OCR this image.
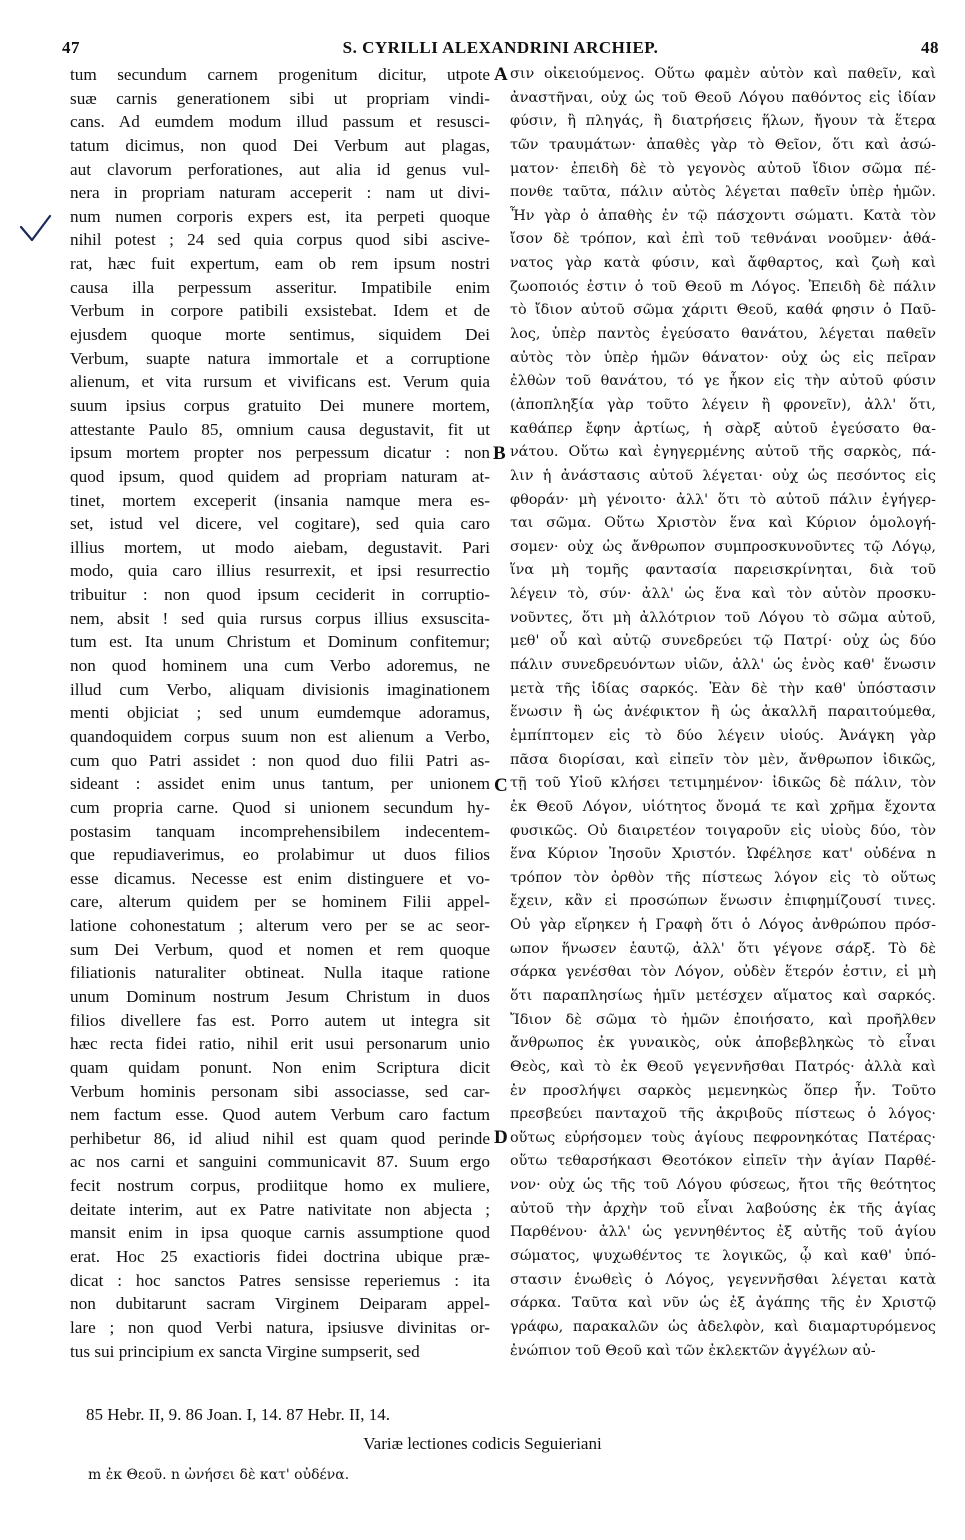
47	S. CYRILLI ALEXANDRINI ARCHIEP.	48
tum secundum carnem progenitum dicitur, utpote
suæ carnis generationem sibi ut propriam vindi-
cans. Ad eumdem modum illud passum et resusci-
tatum dicimus, non quod Dei Verbum aut plagas,
aut clavorum perforationes, aut alia id genus vul-
nera in propriam naturam acceperit : nam ut divi-
num numen corporis expers est, ita perpeti quoque
nihil potest ; 24 sed quia corpus quod sibi ascive-
rat, hæc fuit expertum, eam ob rem ipsum nostri
causa illa perpessum asseritur. Impatibile enim
Verbum in corpore patibili exsistebat. Idem et de
ejusdem quoque morte sentimus, siquidem Dei
Verbum, suapte natura immortale et a corruptione
alienum, et vita rursum et vivificans est. Verum quia
suum ipsius corpus gratuito Dei munere mortem,
attestante Paulo 85, omnium causa degustavit, fit ut
ipsum mortem propter nos perpessum dicatur : non
quod ipsum, quod quidem ad propriam naturam at-
tinet, mortem exceperit (insania namque mera es-
set, istud vel dicere, vel cogitare), sed quia caro
illius mortem, ut modo aiebam, degustavit. Pari
modo, quia caro illius resurrexit, et ipsi resurrectio
tribuitur : non quod ipsum ceciderit in corruptio-
nem, absit ! sed quia rursus corpus illius exsuscita-
tum est. Ita unum Christum et Dominum confitemur;
non quod hominem una cum Verbo adoremus, ne
illud cum Verbo, aliquam divisionis imaginationem
menti objiciat ; sed unum eumdemque adoramus,
quandoquidem corpus suum non est alienum a Verbo,
cum quo Patri assidet : non quod duo filii Patri as-
sideant : assidet enim unus tantum, per unionem
cum propria carne. Quod si unionem secundum hy-
postasim tanquam incomprehensibilem indecentem-
que repudiaverimus, eo prolabimur ut duos filios
esse dicamus. Necesse est enim distinguere et vo-
care, alterum quidem per se hominem Filii appel-
latione cohonestatum ; alterum vero per se ac seor-
sum Dei Verbum, quod et nomen et rem quoque
filiationis naturaliter obtineat. Nulla itaque ratione
unum Dominum nostrum Jesum Christum in duos
filios divellere fas est. Porro autem ut integra sit
hæc recta fidei ratio, nihil erit usui personarum unio
quam quidam ponunt. Non enim Scriptura dicit
Verbum hominis personam sibi associasse, sed car-
nem factum esse. Quod autem Verbum caro factum
perhibetur 86, id aliud nihil est quam quod perinde
ac nos carni et sanguini communicavit 87. Suum ergo
fecit nostrum corpus, prodiitque homo ex muliere,
deitate interim, aut ex Patre nativitate non abjecta ;
mansit enim in ipsa quoque carnis assumptione quod
erat. Hoc 25 exactioris fidei doctrina ubique præ-
dicat : hoc sanctos Patres sensisse reperiemus : ita
non dubitarunt sacram Virginem Deiparam appel-
lare ; non quod Verbi natura, ipsiusve divinitas or-
tus sui principium ex sancta Virgine sumpserit, sed
σιν οἰκειούμενος. Οὕτω φαμὲν αὐτὸν καὶ παθεῖν, καὶ
ἀναστῆναι, οὐχ ὡς τοῦ Θεοῦ Λόγου παθόντος εἰς ἰδίαν
φύσιν, ἢ πληγάς, ἢ διατρήσεις ἥλων, ἤγουν τὰ ἕτερα
τῶν τραυμάτων· ἀπαθὲς γὰρ τὸ Θεῖον, ὅτι καὶ ἀσώ-
ματον· ἐπειδὴ δὲ τὸ γεγονὸς αὐτοῦ ἴδιον σῶμα πέ-
πονθε ταῦτα, πάλιν αὐτὸς λέγεται παθεῖν ὑπὲρ ἡμῶν.
Ἦν γὰρ ὁ ἀπαθὴς ἐν τῷ πάσχοντι σώματι. Κατὰ τὸν
ἴσον δὲ τρόπον, καὶ ἐπὶ τοῦ τεθνάναι νοοῦμεν· ἀθά-
νατος γὰρ κατὰ φύσιν, καὶ ἄφθαρτος, καὶ ζωὴ καὶ
ζωοποιός ἐστιν ὁ τοῦ Θεοῦ m Λόγος. Ἐπειδὴ δὲ πάλιν
τὸ ἴδιον αὐτοῦ σῶμα χάριτι Θεοῦ, καθά φησιν ὁ Παῦ-
λος, ὑπὲρ παντὸς ἐγεύσατο θανάτου, λέγεται παθεῖν
αὐτὸς τὸν ὑπὲρ ἡμῶν θάνατον· οὐχ ὡς εἰς πεῖραν
ἐλθὼν τοῦ θανάτου, τό γε ἧκον εἰς τὴν αὐτοῦ φύσιν
(ἀποπληξία γὰρ τοῦτο λέγειν ἢ φρονεῖν), ἀλλ' ὅτι,
καθάπερ ἔφην ἀρτίως, ἡ σὰρξ αὐτοῦ ἐγεύσατο θα-
νάτου. Οὕτω καὶ ἐγηγερμένης αὐτοῦ τῆς σαρκὸς, πά-
λιν ἡ ἀνάστασις αὐτοῦ λέγεται· οὐχ ὡς πεσόντος εἰς
φθοράν· μὴ γένοιτο· ἀλλ' ὅτι τὸ αὐτοῦ πάλιν ἐγήγερ-
ται σῶμα. Οὕτω Χριστὸν ἕνα καὶ Κύριον ὁμολογή-
σομεν· οὐχ ὡς ἄνθρωπον συμπροσκυνοῦντες τῷ Λόγῳ,
ἵνα μὴ τομῆς φαντασία παρεισκρίνηται, διὰ τοῦ
λέγειν τὸ, σύν· ἀλλ' ὡς ἕνα καὶ τὸν αὐτὸν προσκυ-
νοῦντες, ὅτι μὴ ἀλλότριον τοῦ Λόγου τὸ σῶμα αὐτοῦ,
μεθ' οὗ καὶ αὐτῷ συνεδρεύει τῷ Πατρί· οὐχ ὡς δύο
πάλιν συνεδρευόντων υἱῶν, ἀλλ' ὡς ἑνὸς καθ' ἕνωσιν
μετὰ τῆς ἰδίας σαρκός. Ἐὰν δὲ τὴν καθ' ὑπόστασιν
ἕνωσιν ἢ ὡς ἀνέφικτον ἢ ὡς ἀκαλλῆ παραιτούμεθα,
ἐμπίπτομεν εἰς τὸ δύο λέγειν υἱούς. Ἀνάγκη γὰρ
πᾶσα διορίσαι, καὶ εἰπεῖν τὸν μὲν, ἄνθρωπον ἰδικῶς,
τῇ τοῦ Υἱοῦ κλήσει τετιμημένον· ἰδικῶς δὲ πάλιν, τὸν
ἐκ Θεοῦ Λόγον, υἱότητος ὄνομά τε καὶ χρῆμα ἔχοντα
φυσικῶς. Οὐ διαιρετέον τοιγαροῦν εἰς υἱοὺς δύο, τὸν
ἕνα Κύριον Ἰησοῦν Χριστόν. Ὠφέλησε κατ' οὐδένα n
τρόπον τὸν ὀρθὸν τῆς πίστεως λόγον εἰς τὸ οὕτως
ἔχειν, κἂν εἰ προσώπων ἕνωσιν ἐπιφημίζουσί τινες.
Οὐ γὰρ εἴρηκεν ἡ Γραφὴ ὅτι ὁ Λόγος ἀνθρώπου πρόσ-
ωπον ἥνωσεν ἑαυτῷ, ἀλλ' ὅτι γέγονε σάρξ. Τὸ δὲ
σάρκα γενέσθαι τὸν Λόγον, οὐδὲν ἕτερόν ἐστιν, εἰ μὴ
ὅτι παραπλησίως ἡμῖν μετέσχεν αἵματος καὶ σαρκός.
Ἴδιον δὲ σῶμα τὸ ἡμῶν ἐποιήσατο, καὶ προῆλθεν
ἄνθρωπος ἐκ γυναικὸς, οὐκ ἀποβεβληκὼς τὸ εἶναι
Θεὸς, καὶ τὸ ἐκ Θεοῦ γεγεννῆσθαι Πατρός· ἀλλὰ καὶ
ἐν προσλήψει σαρκὸς μεμενηκὼς ὅπερ ἦν. Τοῦτο
πρεσβεύει πανταχοῦ τῆς ἀκριβοῦς πίστεως ὁ λόγος·
οὕτως εὑρήσομεν τοὺς ἁγίους πεφρονηκότας Πατέρας·
οὕτω τεθαρσήκασι Θεοτόκον εἰπεῖν τὴν ἁγίαν Παρθέ-
νον· οὐχ ὡς τῆς τοῦ Λόγου φύσεως, ἤτοι τῆς θεότητος
αὐτοῦ τὴν ἀρχὴν τοῦ εἶναι λαβούσης ἐκ τῆς ἁγίας
Παρθένου· ἀλλ' ὡς γεννηθέντος ἐξ αὐτῆς τοῦ ἁγίου
σώματος, ψυχωθέντος τε λογικῶς, ᾧ καὶ καθ' ὑπό-
στασιν ἑνωθεὶς ὁ Λόγος, γεγεννῆσθαι λέγεται κατὰ
σάρκα. Ταῦτα καὶ νῦν ὡς ἐξ ἀγάπης τῆς ἐν Χριστῷ
γράφω, παρακαλῶν ὡς ἀδελφὸν, καὶ διαμαρτυρόμενος
ἐνώπιον τοῦ Θεοῦ καὶ τῶν ἐκλεκτῶν ἀγγέλων αὐ-
A
B
C
D
85 Hebr. II, 9. 86 Joan. I, 14. 87 Hebr. II, 14.
Variæ lectiones codicis Seguieriani
m ἐκ Θεοῦ. n ὠνήσει δὲ κατ' οὐδένα.
